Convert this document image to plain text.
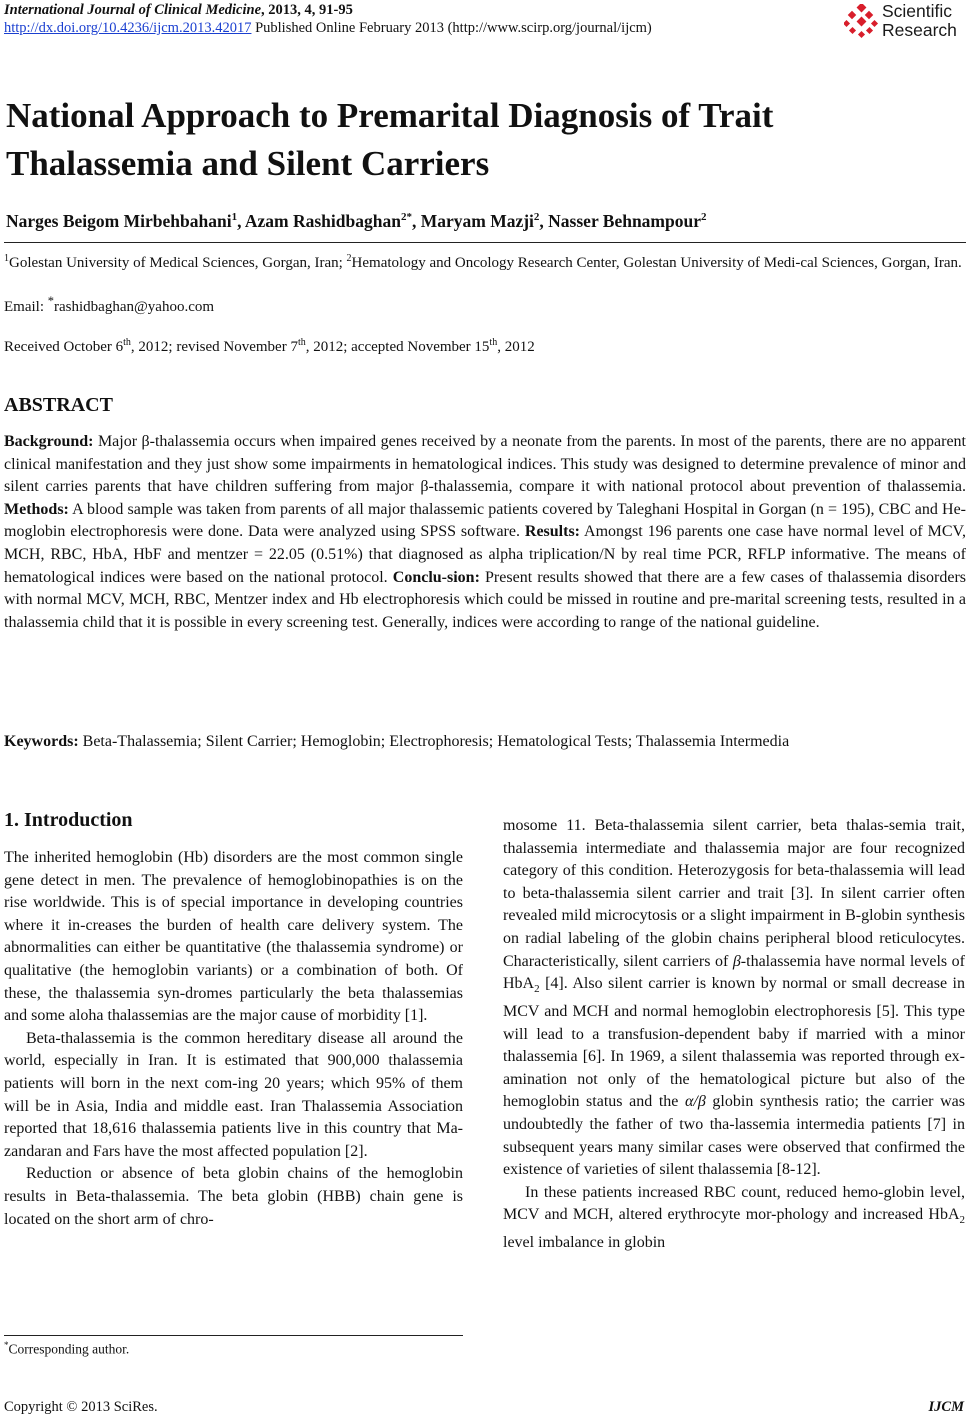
International Journal of Clinical Medicine, 2013, 4, 91-95
http://dx.doi.org/10.4236/ijcm.2013.42017 Published Online February 2013 (http://www.scirp.org/journal/ijcm)
Scientific
Research
National Approach to Premarital Diagnosis of Trait Thalassemia and Silent Carriers
Narges Beigom Mirbehbahani$^1$, Azam Rashidbaghan$^{2*}$, Maryam Mazji$^2$, Nasser Behnampour$^2$
$^1$Golestan University of Medical Sciences, Gorgan, Iran; $^2$Hematology and Oncology Research Center, Golestan University of Medi-cal Sciences, Gorgan, Iran.
Email: *rashidbaghan@yahoo.com
Received October 6th, 2012; revised November 7th, 2012; accepted November 15th, 2012
ABSTRACT

Background: Major β-thalassemia occurs when impaired genes received by a neonate from the parents. In most of the parents, there are no apparent clinical manifestation and they just show some impairments in hematological indices. This study was designed to determine prevalence of minor and silent carries parents that have children suffering from major β-thalassemia, compare it with national protocol about prevention of thalassemia. Methods: A blood sample was taken from parents of all major thalassemic patients covered by Taleghani Hospital in Gorgan (n = 195), CBC and He-moglobin electrophoresis were done. Data were analyzed using SPSS software. Results: Amongst 196 parents one case have normal level of MCV, MCH, RBC, HbA, HbF and mentzer = 22.05 (0.51%) that diagnosed as alpha triplication/N by real time PCR, RFLP informative. The means of hematological indices were based on the national protocol. Conclu-sion: Present results showed that there are a few cases of thalassemia disorders with normal MCV, MCH, RBC, Mentzer index and Hb electrophoresis which could be missed in routine and pre-marital screening tests, resulted in a thalassemia child that it is possible in every screening test. Generally, indices were according to range of the national guideline.

Keywords: Beta-Thalassemia; Silent Carrier; Hemoglobin; Electrophoresis; Hematological Tests; Thalassemia Intermedia
1. Introduction

The inherited hemoglobin (Hb) disorders are the most common single gene detect in men. The prevalence of hemoglobinopathies is on the rise worldwide. This is of special importance in developing countries where it in-creases the burden of health care delivery system. The abnormalities can either be quantitative (the thalassemia syndrome) or qualitative (the hemoglobin variants) or a combination of both. Of these, the thalassemia syn-dromes particularly the beta thalassemias and some aloha thalassemias are the major cause of morbidity [1].

Beta-thalassemia is the common hereditary disease all around the world, especially in Iran. It is estimated that 900,000 thalassemia patients will born in the next com-ing 20 years; which 95% of them will be in Asia, India and middle east. Iran Thalassemia Association reported that 18,616 thalassemia patients live in this country that Ma-zandaran and Fars have the most affected population [2].

Reduction or absence of beta globin chains of the hemoglobin results in Beta-thalassemia. The beta globin (HBB) chain gene is located on the short arm of chro-

mosome 11. Beta-thalassemia silent carrier, beta thalas-semia trait, thalassemia intermediate and thalassemia major are four recognized category of this condition. Heterozygosis for beta-thalassemia will lead to beta-thalassemia silent carrier and trait [3]. In silent carrier often revealed mild microcytosis or a slight impairment in B-globin synthesis on radial labeling of the globin chains peripheral blood reticulocytes. Characteristically, silent carriers of β-thalassemia have normal levels of HbA$_2$ [4]. Also silent carrier is known by normal or small decrease in MCV and MCH and normal hemoglobin electrophoresis [5]. This type will lead to a transfusion-dependent baby if married with a minor thalassemia [6]. In 1969, a silent thalassemia was reported through ex-amination not only of the hematological picture but also of the hemoglobin status and the α/β globin synthesis ratio; the carrier was undoubtedly the father of two tha-lassemia intermedia patients [7] in subsequent years many similar cases were observed that confirmed the existence of varieties of silent thalassemia [8-12].

In these patients increased RBC count, reduced hemo-globin level, MCV and MCH, altered erythrocyte mor-phology and increased HbA$_2$ level imbalance in globin

*Corresponding author.
Copyright © 2013 SciRes.	IJCM
